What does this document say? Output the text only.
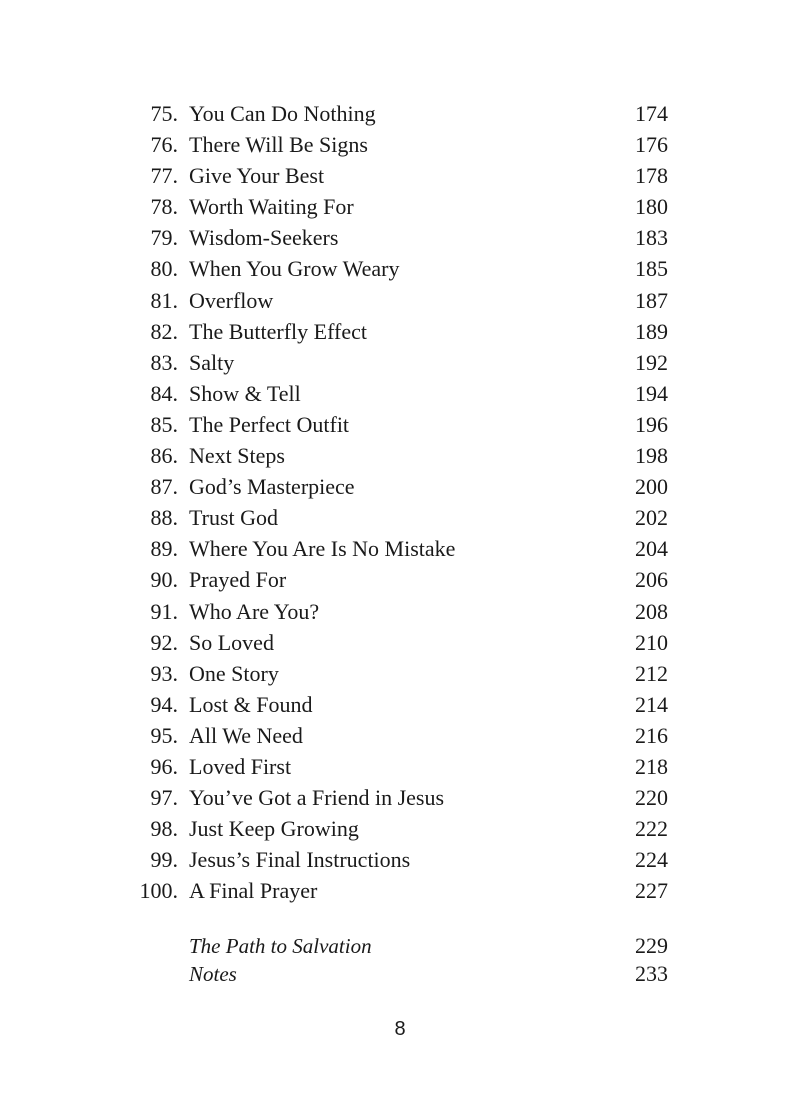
75. You Can Do Nothing	174
76. There Will Be Signs	176
77. Give Your Best	178
78. Worth Waiting For	180
79. Wisdom-Seekers	183
80. When You Grow Weary	185
81. Overflow	187
82. The Butterfly Effect	189
83. Salty	192
84. Show & Tell	194
85. The Perfect Outfit	196
86. Next Steps	198
87. God’s Masterpiece	200
88. Trust God	202
89. Where You Are Is No Mistake	204
90. Prayed For	206
91. Who Are You?	208
92. So Loved	210
93. One Story	212
94. Lost & Found	214
95. All We Need	216
96. Loved First	218
97. You’ve Got a Friend in Jesus	220
98. Just Keep Growing	222
99. Jesus’s Final Instructions	224
100. A Final Prayer	227
The Path to Salvation	229
Notes	233
8
